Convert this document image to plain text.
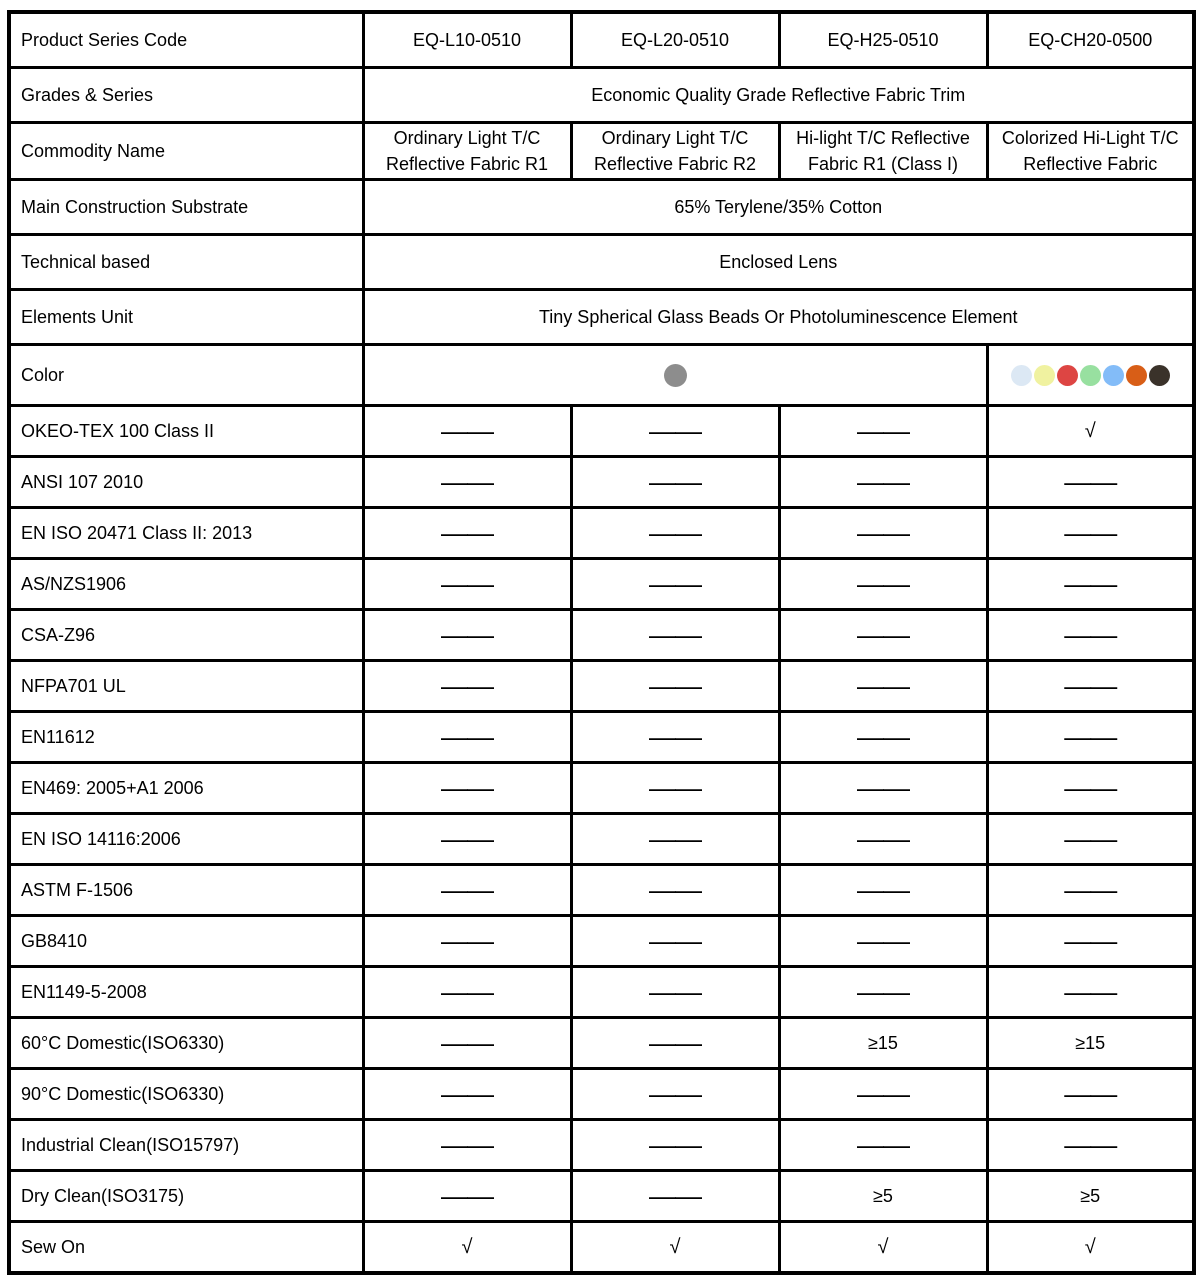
Product Series Code	EQ-L10-0510	EQ-L20-0510	EQ-H25-0510	EQ-CH20-0500
Grades & Series	Economic Quality Grade Reflective Fabric Trim			
Commodity Name	Ordinary Light T/C Reflective Fabric R1	Ordinary Light T/C Reflective Fabric R2	Hi-light T/C Reflective Fabric R1 (Class I)	Colorized Hi-Light T/C Reflective Fabric
Main Construction Substrate	65% Terylene/35% Cotton			
Technical based	Enclosed Lens			
Elements Unit	Tiny Spherical Glass Beads Or Photoluminescence Element			
Color			

OKEO-TEX 100 Class II	——	——	——	√
ANSI 107 2010	——	——	——	——
EN ISO 20471 Class II: 2013	——	——	——	——
AS/NZS1906	——	——	——	——
CSA-Z96	——	——	——	——
NFPA701 UL	——	——	——	——
EN11612	——	——	——	——
EN469: 2005+A1 2006	——	——	——	——
EN ISO 14116:2006	——	——	——	——
ASTM F-1506	——	——	——	——
GB8410	——	——	——	——
EN1149-5-2008	——	——	——	——
60°C Domestic(ISO6330)	——	——	≥15	≥15
90°C Domestic(ISO6330)	——	——	——	——
Industrial Clean(ISO15797)	——	——	——	——
Dry Clean(ISO3175)	——	——	≥5	≥5
Sew On	√	√	√	√
